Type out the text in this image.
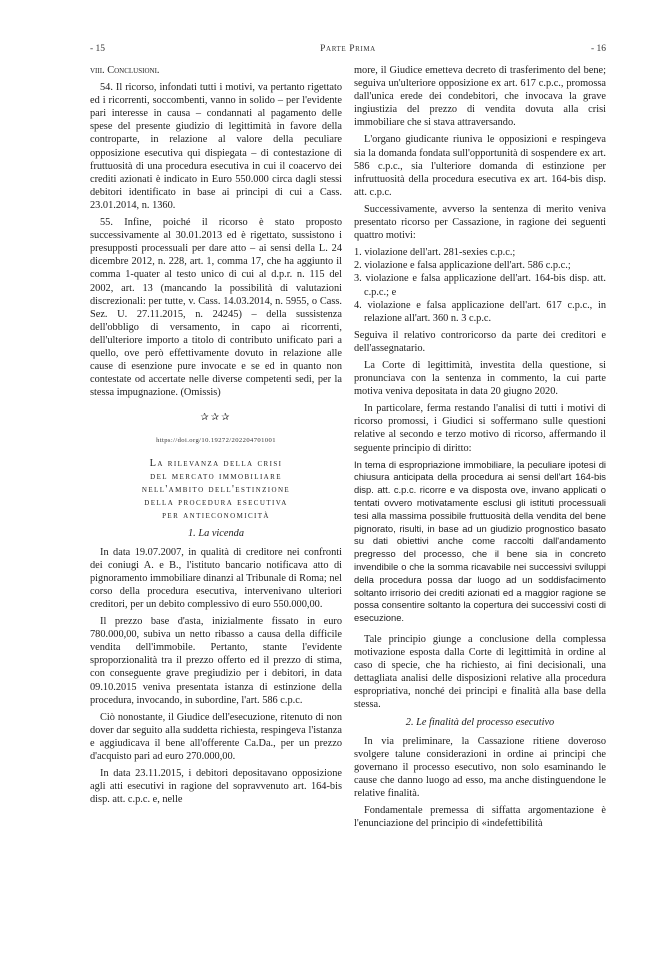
- 15	Parte Prima	- 16

viii. Conclusioni.

54. Il ricorso, infondati tutti i motivi, va pertanto rigettato ed i ricorrenti, soccombenti, vanno in solido – per l'evidente pari interesse in causa – condannati al pagamento delle spese del presente giudizio di legittimità in favore della controparte, in relazione al valore della peculiare opposizione esecutiva qui dispiegata – di contestazione di fruttuosità di una procedura esecutiva in cui il coacervo dei crediti azionati è indicato in Euro 550.000 circa dagli stessi debitori identificato in base ai principi di cui a Cass. 23.01.2014, n. 1360.

55. Infine, poiché il ricorso è stato proposto successivamente al 30.01.2013 ed è rigettato, sussistono i presupposti processuali per dare atto – ai sensi della L. 24 dicembre 2012, n. 228, art. 1, comma 17, che ha aggiunto il comma 1-quater al testo unico di cui al d.p.r. n. 115 del 2002, art. 13 (mancando la possibilità di valutazioni discrezionali: per tutte, v. Cass. 14.03.2014, n. 5955, o Cass. Sez. U. 27.11.2015, n. 24245) – della sussistenza dell'obbligo di versamento, in capo ai ricorrenti, dell'ulteriore importo a titolo di contributo unificato pari a quello, ove però effettivamente dovuto in relazione alle cause di esenzione pure invocate e se ed in quanto non contestate od accertate nelle diverse competenti sedi, per la stessa impugnazione. (Omissis)

✰✰✰
https://doi.org/10.19272/202204701001
La rilevanza della crisi
del mercato immobiliare
nell'ambito dell'estinzione
della procedura esecutiva
per antieconomicità
1. La vicenda

In data 19.07.2007, in qualità di creditore nei confronti dei coniugi A. e B., l'istituto bancario notificava atto di pignoramento immobiliare dinanzi al Tribunale di Roma; nel corso della procedura esecutiva, intervenivano ulteriori creditori, per un debito complessivo di euro 550.000,00.

Il prezzo base d'asta, inizialmente fissato in euro 780.000,00, subiva un netto ribasso a causa della difficile vendita dell'immobile. Pertanto, stante l'evidente sproporzionalità tra il prezzo offerto ed il prezzo di stima, con conseguente grave pregiudizio per i debitori, in data 09.10.2015 veniva presentata istanza di estinzione della procedura, invocando, in subordine, l'art. 586 c.p.c.

Ciò nonostante, il Giudice dell'esecuzione, ritenuto di non dover dar seguito alla suddetta richiesta, respingeva l'istanza e aggiudicava il bene all'offerente Ca.Da., per un prezzo d'acquisto pari ad euro 270.000,00.

In data 23.11.2015, i debitori depositavano opposizione agli atti esecutivi in ragione del sopravvenuto art. 164-bis disp. att. c.p.c. e, nelle

more, il Giudice emetteva decreto di trasferimento del bene; seguiva un'ulteriore opposizione ex art. 617 c.p.c., promossa dall'unica erede dei condebitori, che invocava la grave ingiustizia del prezzo di vendita dovuta alla crisi immobiliare che si stava attraversando.

L'organo giudicante riuniva le opposizioni e respingeva sia la domanda fondata sull'opportunità di sospendere ex art. 586 c.p.c., sia l'ulteriore domanda di estinzione per infruttuosità della procedura esecutiva ex art. 164-bis disp. att. c.p.c.

Successivamente, avverso la sentenza di merito veniva presentato ricorso per Cassazione, in ragione dei seguenti quattro motivi:

1. violazione dell'art. 281-sexies c.p.c.;
2. violazione e falsa applicazione dell'art. 586 c.p.c.;
3. violazione e falsa applicazione dell'art. 164-bis disp. att. c.p.c.; e
4. violazione e falsa applicazione dell'art. 617 c.p.c., in relazione all'art. 360 n. 3 c.p.c.

Seguiva il relativo controricorso da parte dei creditori e dell'assegnatario.

La Corte di legittimità, investita della questione, si pronunciava con la sentenza in commento, la cui parte motiva veniva depositata in data 20 giugno 2020.

In particolare, ferma restando l'analisi di tutti i motivi di ricorso promossi, i Giudici si soffermano sulle questioni relative al secondo e terzo motivo di ricorso, affermando il seguente principio di diritto:

In tema di espropriazione immobiliare, la peculiare ipotesi di chiusura anticipata della procedura ai sensi dell'art 164-bis disp. att. c.p.c. ricorre e va disposta ove, invano applicati o tentati ovvero motivatamente esclusi gli istituti processuali tesi alla massima possibile fruttuosità della vendita del bene pignorato, risulti, in base ad un giudizio prognostico basato su dati obiettivi anche come raccolti dall'andamento pregresso del processo, che il bene sia in concreto invendibile o che la somma ricavabile nei successivi sviluppi della procedura possa dar luogo ad un soddisfacimento soltanto irrisorio dei crediti azionati ed a maggior ragione se possa consentire soltanto la copertura dei successivi costi di esecuzione.

Tale principio giunge a conclusione della complessa motivazione esposta dalla Corte di legittimità in ordine al caso di specie, che ha richiesto, ai fini decisionali, una dettagliata analisi delle disposizioni relative alla procedura espropriativa, nonché dei principi e finalità alla base della stessa.

2. Le finalità del processo esecutivo

In via preliminare, la Cassazione ritiene doveroso svolgere talune considerazioni in ordine ai principi che governano il processo esecutivo, non solo esaminando le cause che danno luogo ad esso, ma anche distinguendone le relative finalità.

Fondamentale premessa di siffatta argomentazione è l'enunciazione del principio di «indefettibilità
